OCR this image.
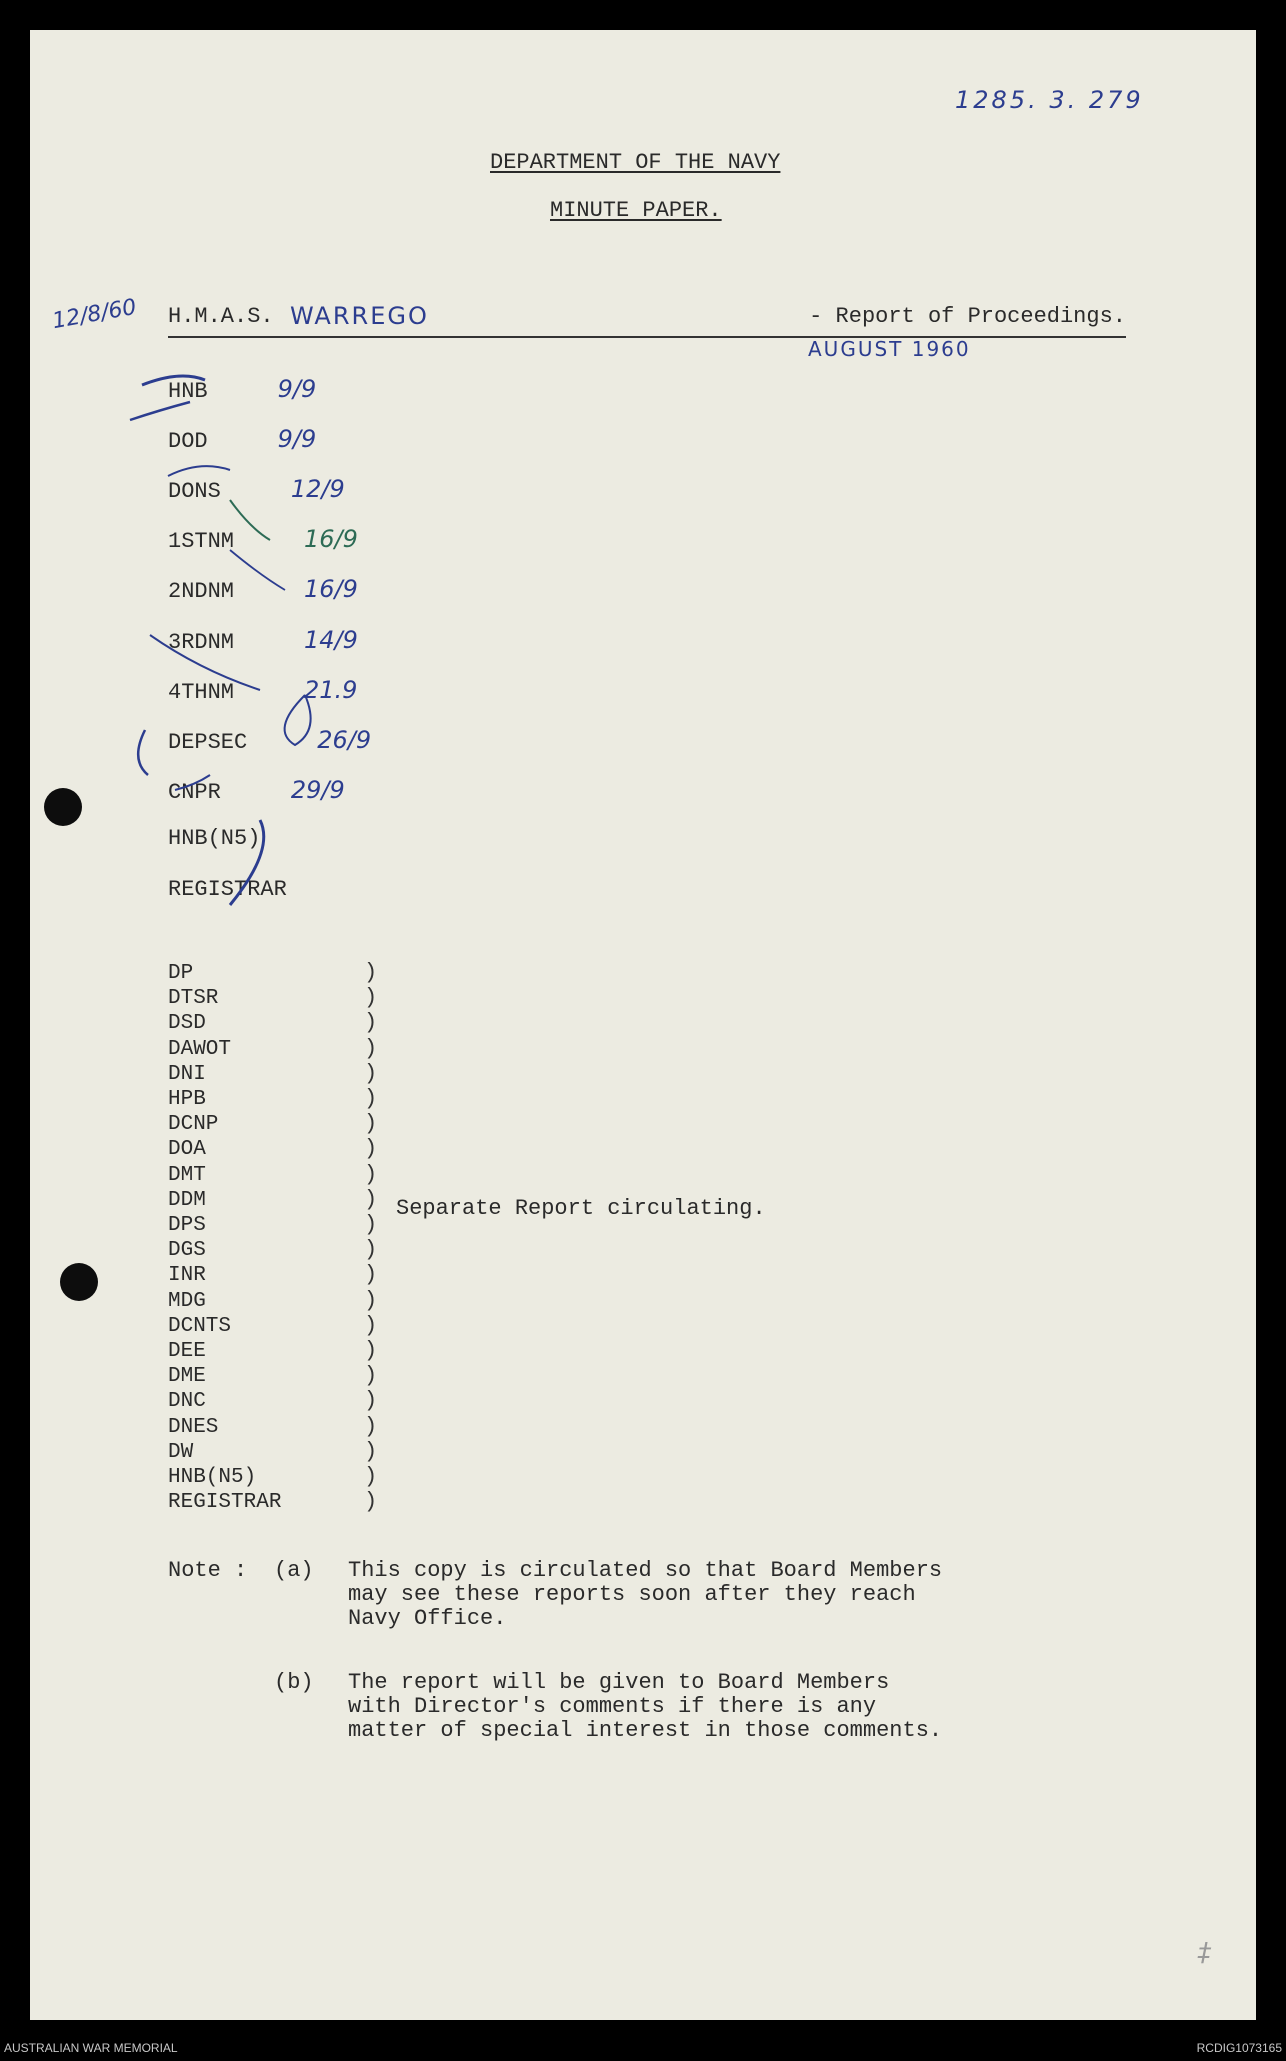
1285. 3. 279
DEPARTMENT OF THE NAVY
MINUTE PAPER.
12/8/60 H.M.A.S. WARREGO	- Report of Proceedings.
AUGUST 1960
HNB	9/9
DOD	9/9
DONS	12/9
1STNM	16/9
2NDNM	16/9
3RDNM	14/9
4THNM	21.9
DEPSEC	26/9
CNPR	29/9
HNB(N5)
REGISTRAR
DP	)
DTSR	)
DSD	)
DAWOT	)
DNI	)
HPB	)
DCNP	)
DOA	)
DMT	)
DDM	)
DPS	)
DGS	)
INR	)
MDG	)
DCNTS	)
DEE	)
DME	)
DNC	)
DNES	)
DW	)
HNB(N5)	)
REGISTRAR	)
Separate Report circulating.
Note : (a) This copy is circulated so that Board Members
may see these reports soon after they reach
Navy Office.
(b) The report will be given to Board Members
with Director's comments if there is any
matter of special interest in those comments.
‡
AUSTRALIAN WAR MEMORIAL	RCDIG1073165
